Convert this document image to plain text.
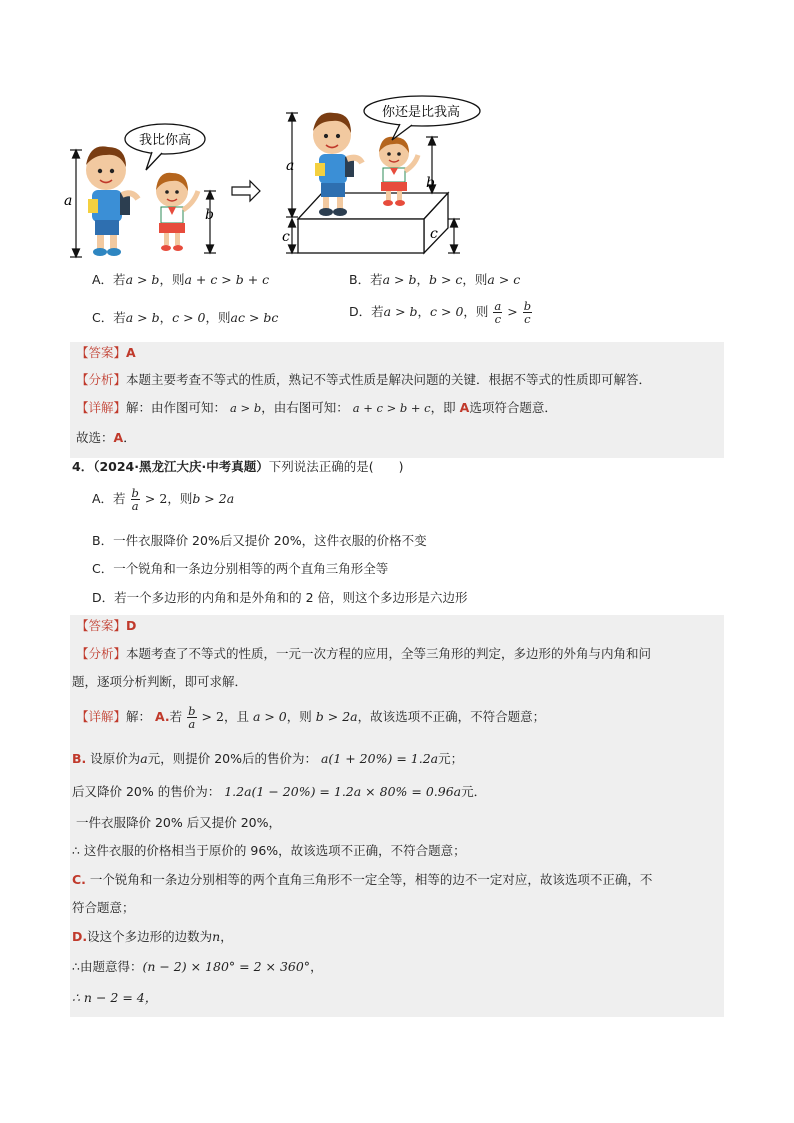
a
我比你高
b
a
c
你还是比我高
b
c
A．若a > b，则a + c > b + c	B．若a > b，b > c，则a > c
C．若a > b，c > 0，则ac > bc	D．若a > b，c > 0，则 $\frac{a}{c} > \frac{b}{c}$
【答案】A
【分析】本题主要考查不等式的性质，熟记不等式性质是解决问题的关键．根据不等式的性质即可解答．
【详解】解：由作图可知： a > b，由右图可知： a + c > b + c，即 A选项符合题意．
故选：A．
4．（2024·黑龙江大庆·中考真题）下列说法正确的是(　　)
A．若 $\frac{b}{a} > 2$，则b > 2a
B．一件衣服降价 20%后又提价 20%，这件衣服的价格不变
C．一个锐角和一条边分别相等的两个直角三角形全等
D．若一个多边形的内角和是外角和的 2 倍，则这个多边形是六边形
【答案】D
【分析】本题考查了不等式的性质，一元一次方程的应用，全等三角形的判定，多边形的外角与内角和问
题，逐项分析判断，即可求解．
【详解】解： A.若 $\frac{b}{a} > 2$，且 a > 0，则 b > 2a，故该选项不正确，不符合题意；
B. 设原价为a元，则提价 20%后的售价为： a(1 + 20%) = 1.2a元；
后又降价 20% 的售价为： 1.2a(1 − 20%) = 1.2a × 80% = 0.96a元．
一件衣服降价 20% 后又提价 20%，
∴ 这件衣服的价格相当于原价的 96%，故该选项不正确，不符合题意；
C. 一个锐角和一条边分别相等的两个直角三角形不一定全等，相等的边不一定对应，故该选项不正确，不
符合题意；
D.设这个多边形的边数为n，
∴由题意得：(n − 2) × 180° = 2 × 360°，
∴ n − 2 = 4，
